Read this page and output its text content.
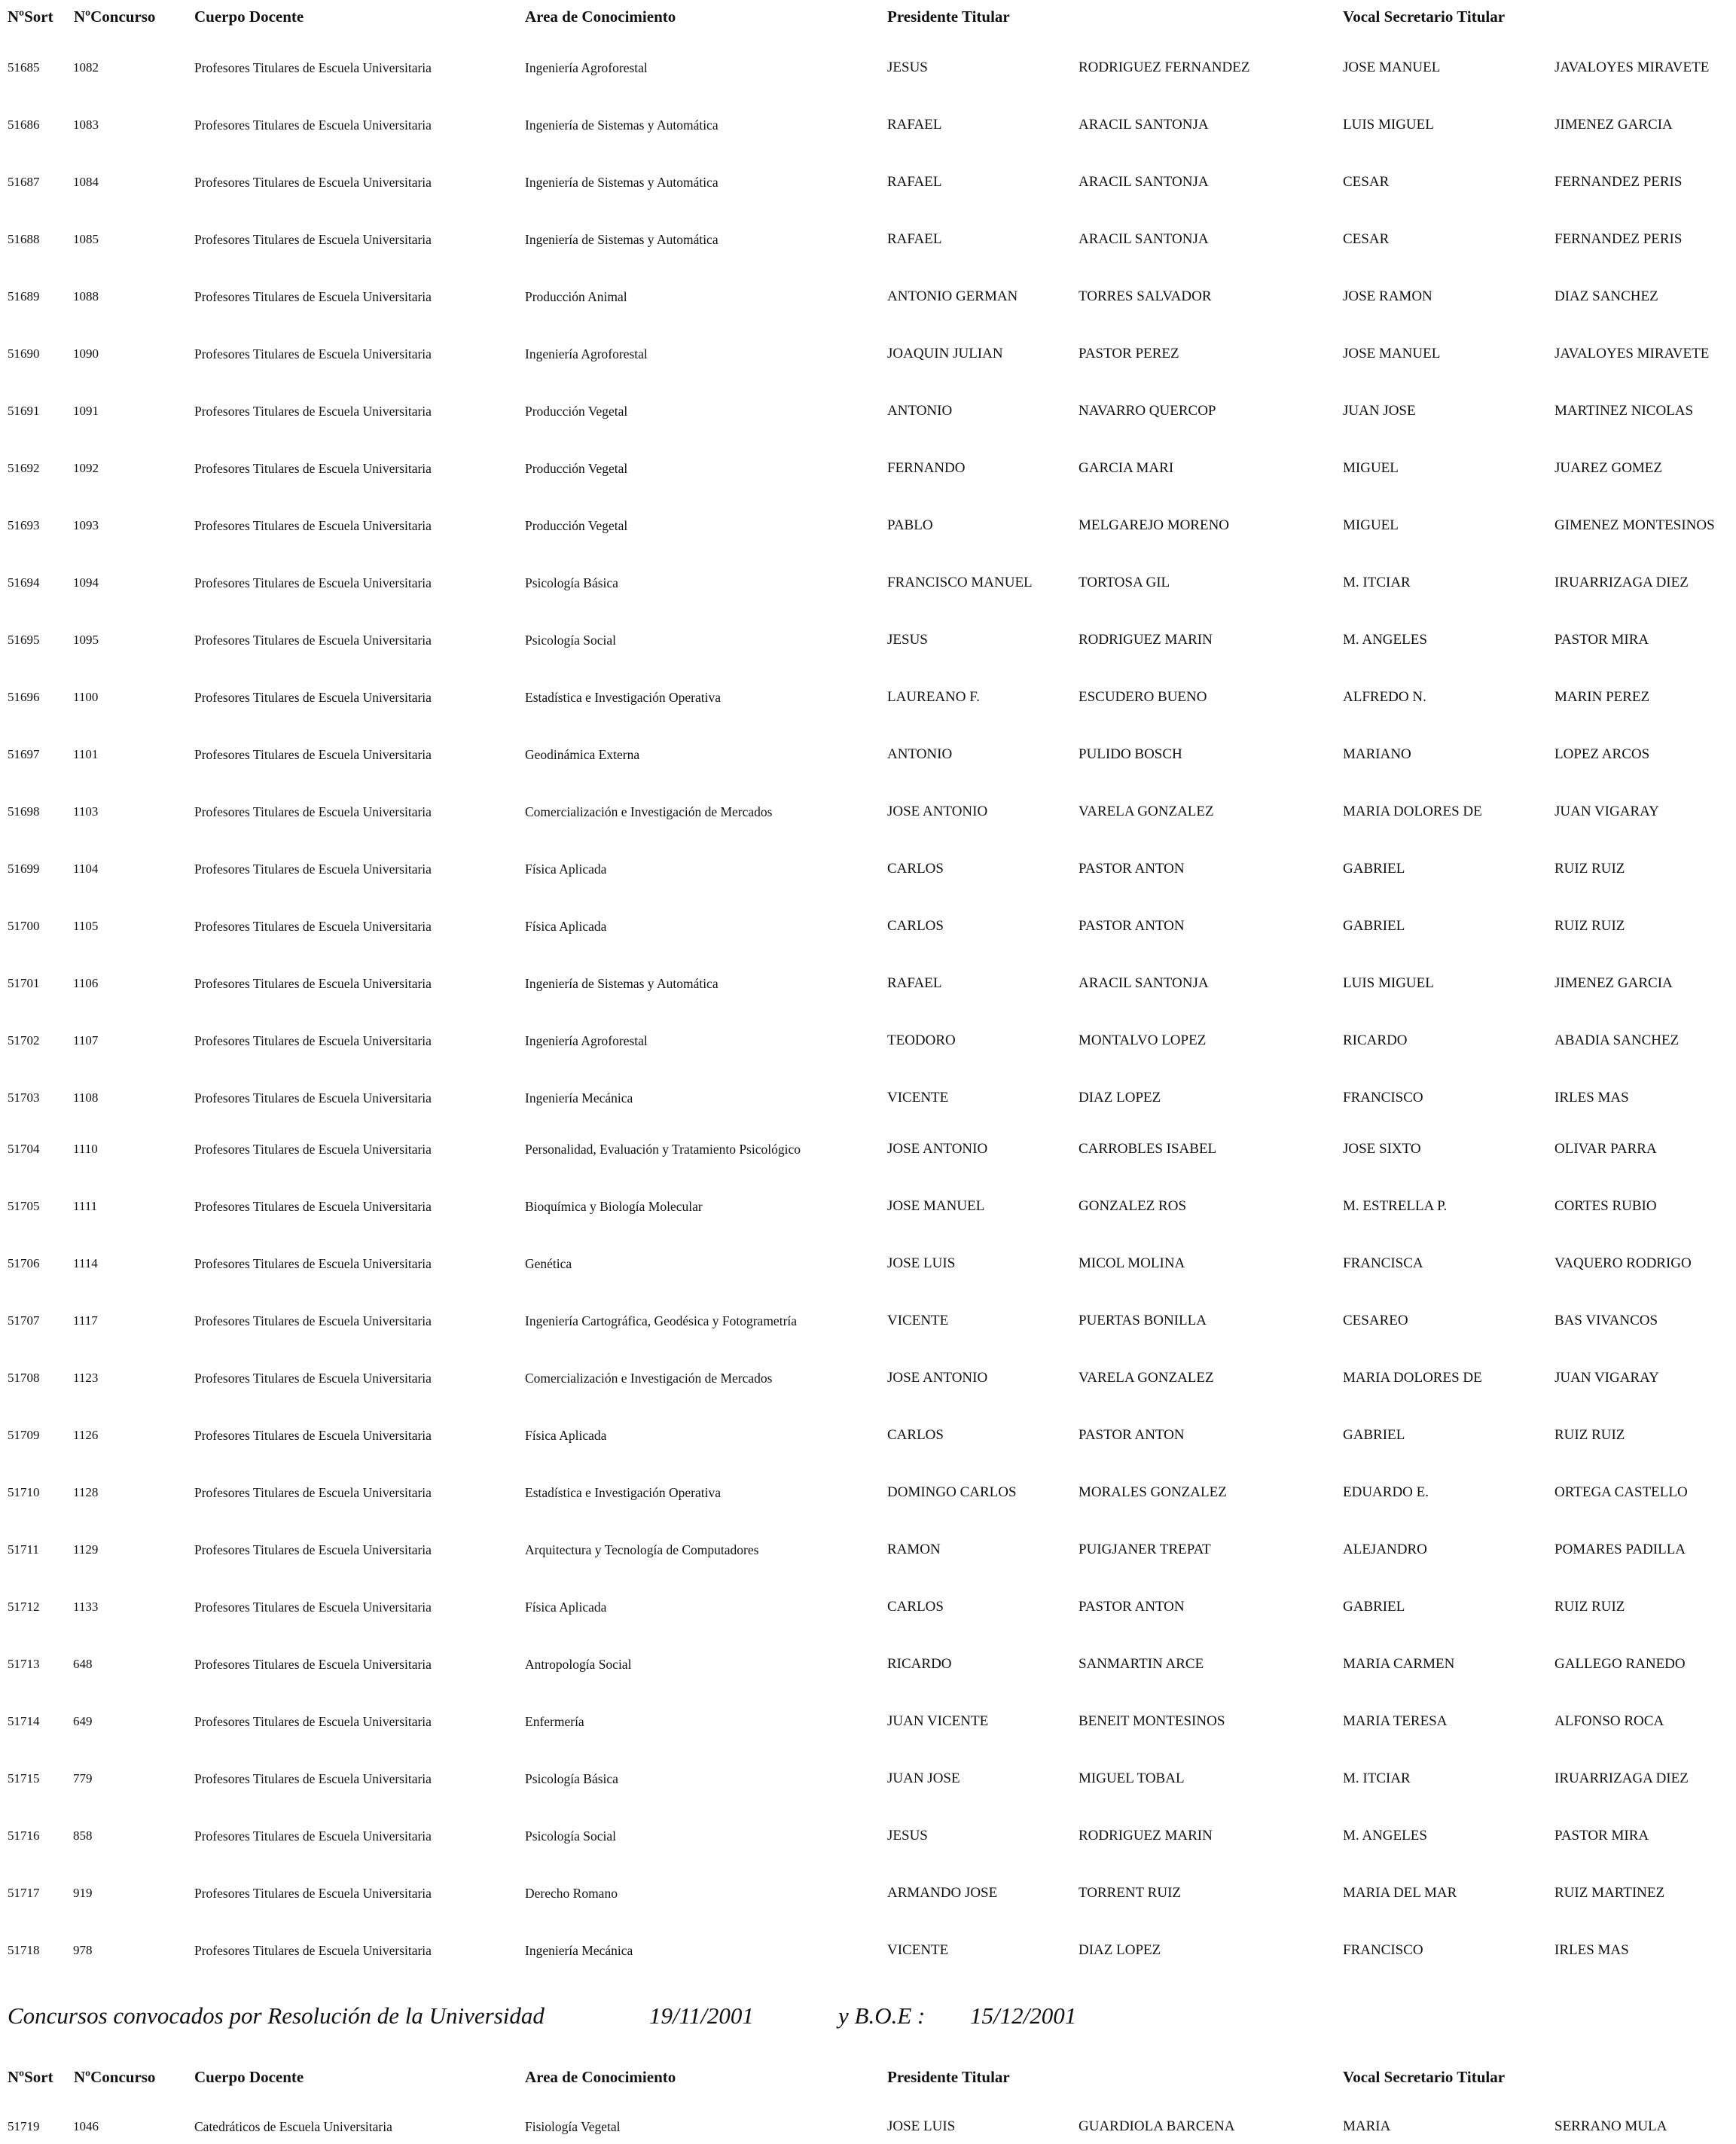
NºSort NºConcurso Cuerpo Docente	Area de Conocimiento	Presidente Titular	Vocal Secretario Titular
51685	1082	Profesores Titulares de Escuela Universitaria	Ingeniería Agroforestal	JESUS	RODRIGUEZ FERNANDEZ	JOSE MANUEL	JAVALOYES MIRAVETE
51686	1083	Profesores Titulares de Escuela Universitaria	Ingeniería de Sistemas y Automática	RAFAEL	ARACIL SANTONJA	LUIS MIGUEL	JIMENEZ GARCIA
51687	1084	Profesores Titulares de Escuela Universitaria	Ingeniería de Sistemas y Automática	RAFAEL	ARACIL SANTONJA	CESAR	FERNANDEZ PERIS
51688	1085	Profesores Titulares de Escuela Universitaria	Ingeniería de Sistemas y Automática	RAFAEL	ARACIL SANTONJA	CESAR	FERNANDEZ PERIS
51689	1088	Profesores Titulares de Escuela Universitaria	Producción Animal	ANTONIO GERMAN	TORRES SALVADOR	JOSE RAMON	DIAZ SANCHEZ
51690	1090	Profesores Titulares de Escuela Universitaria	Ingeniería Agroforestal	JOAQUIN JULIAN	PASTOR PEREZ	JOSE MANUEL	JAVALOYES MIRAVETE
51691	1091	Profesores Titulares de Escuela Universitaria	Producción Vegetal	ANTONIO	NAVARRO QUERCOP	JUAN JOSE	MARTINEZ NICOLAS
51692	1092	Profesores Titulares de Escuela Universitaria	Producción Vegetal	FERNANDO	GARCIA MARI	MIGUEL	JUAREZ GOMEZ
51693	1093	Profesores Titulares de Escuela Universitaria	Producción Vegetal	PABLO	MELGAREJO MORENO	MIGUEL	GIMENEZ MONTESINOS
51694	1094	Profesores Titulares de Escuela Universitaria	Psicología Básica	FRANCISCO MANUEL	TORTOSA GIL	M. ITCIAR	IRUARRIZAGA DIEZ
51695	1095	Profesores Titulares de Escuela Universitaria	Psicología Social	JESUS	RODRIGUEZ MARIN	M. ANGELES	PASTOR MIRA
51696	1100	Profesores Titulares de Escuela Universitaria	Estadística e Investigación Operativa	LAUREANO F.	ESCUDERO BUENO	ALFREDO N.	MARIN PEREZ
51697	1101	Profesores Titulares de Escuela Universitaria	Geodinámica Externa	ANTONIO	PULIDO BOSCH	MARIANO	LOPEZ ARCOS
51698	1103	Profesores Titulares de Escuela Universitaria	Comercialización e Investigación de Mercados	JOSE ANTONIO	VARELA GONZALEZ	MARIA DOLORES DE	JUAN VIGARAY
51699	1104	Profesores Titulares de Escuela Universitaria	Física Aplicada	CARLOS	PASTOR ANTON	GABRIEL	RUIZ RUIZ
51700	1105	Profesores Titulares de Escuela Universitaria	Física Aplicada	CARLOS	PASTOR ANTON	GABRIEL	RUIZ RUIZ
51701	1106	Profesores Titulares de Escuela Universitaria	Ingeniería de Sistemas y Automática	RAFAEL	ARACIL SANTONJA	LUIS MIGUEL	JIMENEZ GARCIA
51702	1107	Profesores Titulares de Escuela Universitaria	Ingeniería Agroforestal	TEODORO	MONTALVO LOPEZ	RICARDO	ABADIA SANCHEZ
51703	1108	Profesores Titulares de Escuela Universitaria	Ingeniería Mecánica	VICENTE	DIAZ LOPEZ	FRANCISCO	IRLES MAS
51704	1110	Profesores Titulares de Escuela Universitaria	Personalidad, Evaluación y Tratamiento Psicológico	JOSE ANTONIO	CARROBLES ISABEL	JOSE SIXTO	OLIVAR PARRA
51705	1111	Profesores Titulares de Escuela Universitaria	Bioquímica y Biología Molecular	JOSE MANUEL	GONZALEZ ROS	M. ESTRELLA P.	CORTES RUBIO
51706	1114	Profesores Titulares de Escuela Universitaria	Genética	JOSE LUIS	MICOL MOLINA	FRANCISCA	VAQUERO RODRIGO
51707	1117	Profesores Titulares de Escuela Universitaria	Ingeniería Cartográfica, Geodésica y Fotogrametría	VICENTE	PUERTAS BONILLA	CESAREO	BAS VIVANCOS
51708	1123	Profesores Titulares de Escuela Universitaria	Comercialización e Investigación de Mercados	JOSE ANTONIO	VARELA GONZALEZ	MARIA DOLORES DE	JUAN VIGARAY
51709	1126	Profesores Titulares de Escuela Universitaria	Física Aplicada	CARLOS	PASTOR ANTON	GABRIEL	RUIZ RUIZ
51710	1128	Profesores Titulares de Escuela Universitaria	Estadística e Investigación Operativa	DOMINGO CARLOS	MORALES GONZALEZ	EDUARDO E.	ORTEGA CASTELLO
51711	1129	Profesores Titulares de Escuela Universitaria	Arquitectura y Tecnología de Computadores	RAMON	PUIGJANER TREPAT	ALEJANDRO	POMARES PADILLA
51712	1133	Profesores Titulares de Escuela Universitaria	Física Aplicada	CARLOS	PASTOR ANTON	GABRIEL	RUIZ RUIZ
51713	648	Profesores Titulares de Escuela Universitaria	Antropología Social	RICARDO	SANMARTIN ARCE	MARIA CARMEN	GALLEGO RANEDO
51714	649	Profesores Titulares de Escuela Universitaria	Enfermería	JUAN VICENTE	BENEIT MONTESINOS	MARIA TERESA	ALFONSO ROCA
51715	779	Profesores Titulares de Escuela Universitaria	Psicología Básica	JUAN JOSE	MIGUEL TOBAL	M. ITCIAR	IRUARRIZAGA DIEZ
51716	858	Profesores Titulares de Escuela Universitaria	Psicología Social	JESUS	RODRIGUEZ MARIN	M. ANGELES	PASTOR MIRA
51717	919	Profesores Titulares de Escuela Universitaria	Derecho Romano	ARMANDO JOSE	TORRENT RUIZ	MARIA DEL MAR	RUIZ MARTINEZ
51718	978	Profesores Titulares de Escuela Universitaria	Ingeniería Mecánica	VICENTE	DIAZ LOPEZ	FRANCISCO	IRLES MAS
Concursos convocados por Resolución de la Universidad	19/11/2001	y B.O.E : 15/12/2001
NºSort NºConcurso Cuerpo Docente	Area de Conocimiento	Presidente Titular	Vocal Secretario Titular
51719	1046	Catedráticos de Escuela Universitaria	Fisiología Vegetal	JOSE LUIS	GUARDIOLA BARCENA	MARIA	SERRANO MULA
